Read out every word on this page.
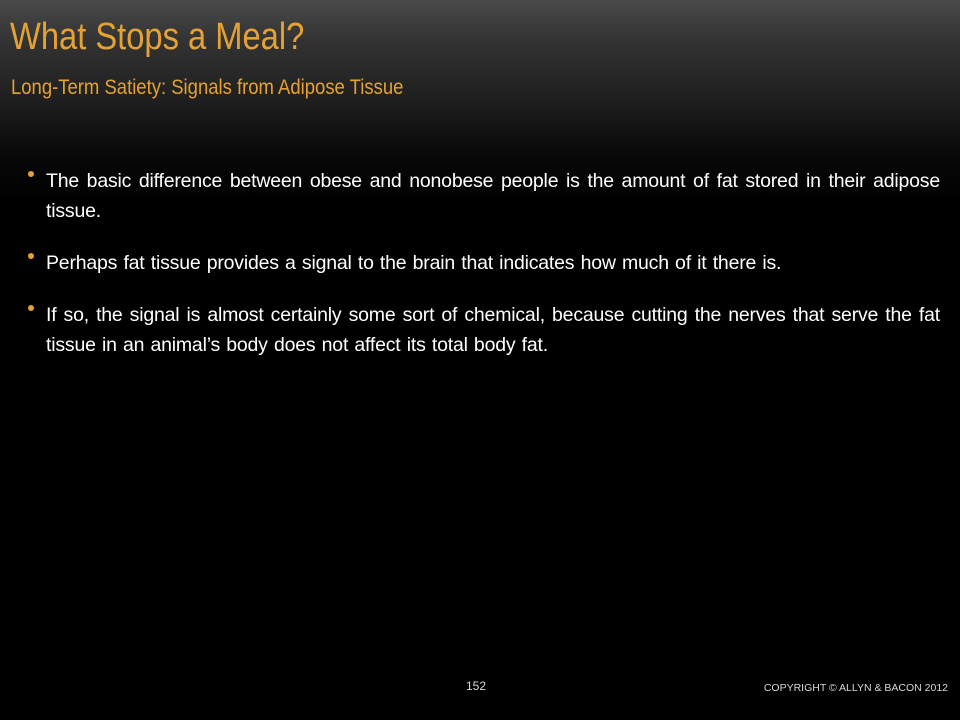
What Stops a Meal?
Long-Term Satiety: Signals from Adipose Tissue
The basic difference between obese and nonobese people is the amount of fat stored in their adipose tissue.
Perhaps fat tissue provides a signal to the brain that indicates how much of it there is.
If so, the signal is almost certainly some sort of chemical, because cutting the nerves that serve the fat tissue in an animal’s body does not affect its total body fat.
152	COPYRIGHT © ALLYN & BACON 2012
